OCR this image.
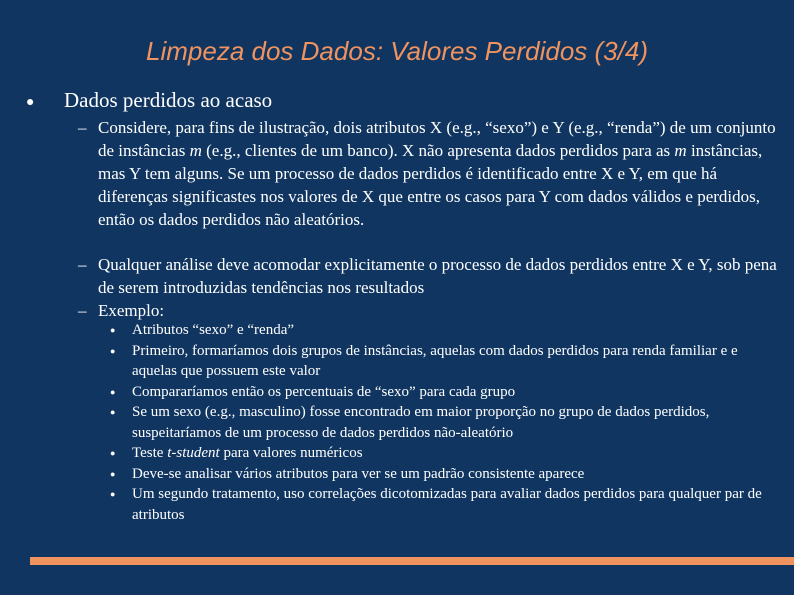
Limpeza dos Dados: Valores Perdidos (3/4)
● Dados perdidos ao acaso
– Considere, para fins de ilustração, dois atributos X (e.g., “sexo”) e Y (e.g., “renda”) de um conjunto de instâncias m (e.g., clientes de um banco). X não apresenta dados perdidos para as m instâncias, mas Y tem alguns. Se um processo de dados perdidos é identificado entre X e Y, em que há diferenças significastes nos valores de X que entre os casos para Y com dados válidos e perdidos, então os dados perdidos não aleatórios.
– Qualquer análise deve acomodar explicitamente o processo de dados perdidos entre X e Y, sob pena de serem introduzidas tendências nos resultados
– Exemplo:
● Atributos “sexo” e “renda”
● Primeiro, formaríamos dois grupos de instâncias, aquelas com dados perdidos para renda familiar e e aquelas que possuem este valor
● Compararíamos então os percentuais de “sexo” para cada grupo
● Se um sexo (e.g., masculino) fosse encontrado em maior proporção no grupo de dados perdidos, suspeitaríamos de um processo de dados perdidos não-aleatório
● Teste t-student para valores numéricos
● Deve-se analisar vários atributos para ver se um padrão consistente aparece
● Um segundo tratamento, uso correlações dicotomizadas para avaliar dados perdidos para qualquer par de atributos
